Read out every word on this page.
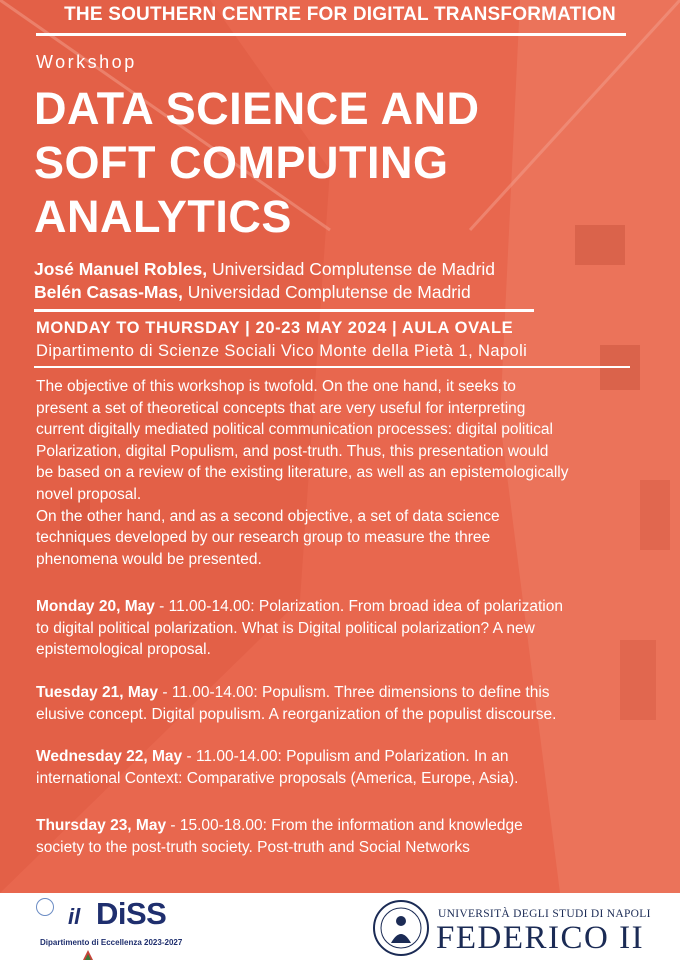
THE SOUTHERN CENTRE FOR DIGITAL TRANSFORMATION
Workshop
DATA SCIENCE AND
SOFT COMPUTING
ANALYTICS
José Manuel Robles, Universidad Complutense de Madrid
Belén Casas-Mas, Universidad Complutense de Madrid
MONDAY TO THURSDAY | 20-23 MAY 2024 | AULA OVALE
Dipartimento di Scienze Sociali Vico Monte della Pietà 1, Napoli
The objective of this workshop is twofold. On the one hand, it seeks to
present a set of theoretical concepts that are very useful for interpreting
current digitally mediated political communication processes: digital political
Polarization, digital Populism, and post-truth. Thus, this presentation would
be based on a review of the existing literature, as well as an epistemologically
novel proposal.
On the other hand, and as a second objective, a set of data science
techniques developed by our research group to measure the three
phenomena would be presented.
Monday 20, May - 11.00-14.00: Polarization. From broad idea of polarization
to digital political polarization. What is Digital political polarization? A new
epistemological proposal.
Tuesday 21, May - 11.00-14.00: Populism. Three dimensions to define this
elusive concept. Digital populism. A reorganization of the populist discourse.
Wednesday 22, May - 11.00-14.00: Populism and Polarization. In an
international Context: Comparative proposals (America, Europe, Asia).
Thursday 23, May - 15.00-18.00: From the information and knowledge
society to the post-truth society. Post-truth and Social Networks
il DiSS
Dipartimento di Eccellenza 2023-2027
UNIVERSITÀ DEGLI STUDI DI NAPOLI
FEDERICO II
